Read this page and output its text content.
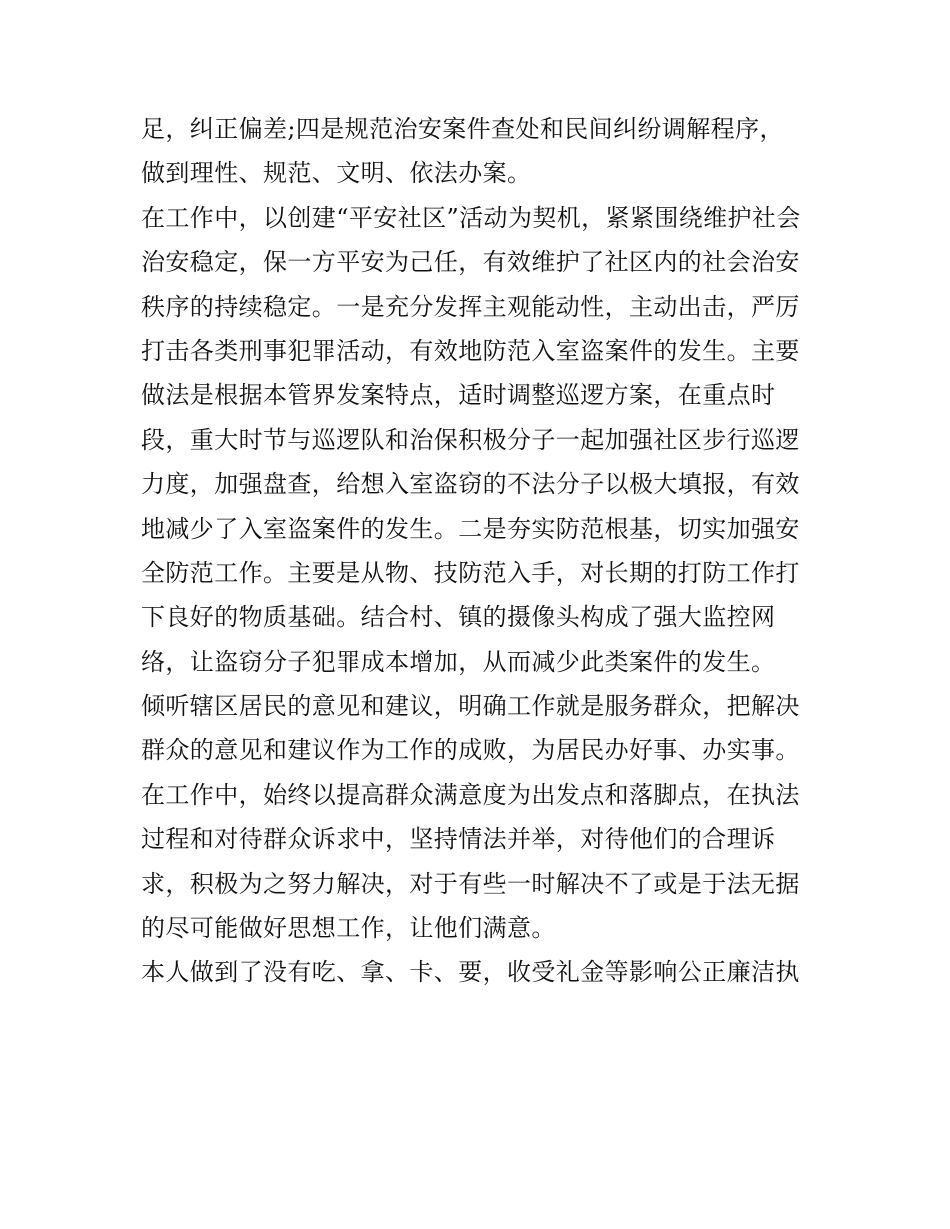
足，纠正偏差;四是规范治安案件查处和民间纠纷调解程序，
做到理性、规范、文明、依法办案。
在工作中，以创建“平安社区”活动为契机，紧紧围绕维护社会
治安稳定，保一方平安为己任，有效维护了社区内的社会治安
秩序的持续稳定。一是充分发挥主观能动性，主动出击，严厉
打击各类刑事犯罪活动，有效地防范入室盗案件的发生。主要
做法是根据本管界发案特点，适时调整巡逻方案，在重点时
段，重大时节与巡逻队和治保积极分子一起加强社区步行巡逻
力度，加强盘查，给想入室盗窃的不法分子以极大填报，有效
地减少了入室盗案件的发生。二是夯实防范根基，切实加强安
全防范工作。主要是从物、技防范入手，对长期的打防工作打
下良好的物质基础。结合村、镇的摄像头构成了强大监控网
络，让盗窃分子犯罪成本增加，从而减少此类案件的发生。
倾听辖区居民的意见和建议，明确工作就是服务群众，把解决
群众的意见和建议作为工作的成败，为居民办好事、办实事。
在工作中，始终以提高群众满意度为出发点和落脚点，在执法
过程和对待群众诉求中，坚持情法并举，对待他们的合理诉
求，积极为之努力解决，对于有些一时解决不了或是于法无据
的尽可能做好思想工作，让他们满意。
本人做到了没有吃、拿、卡、要，收受礼金等影响公正廉洁执
